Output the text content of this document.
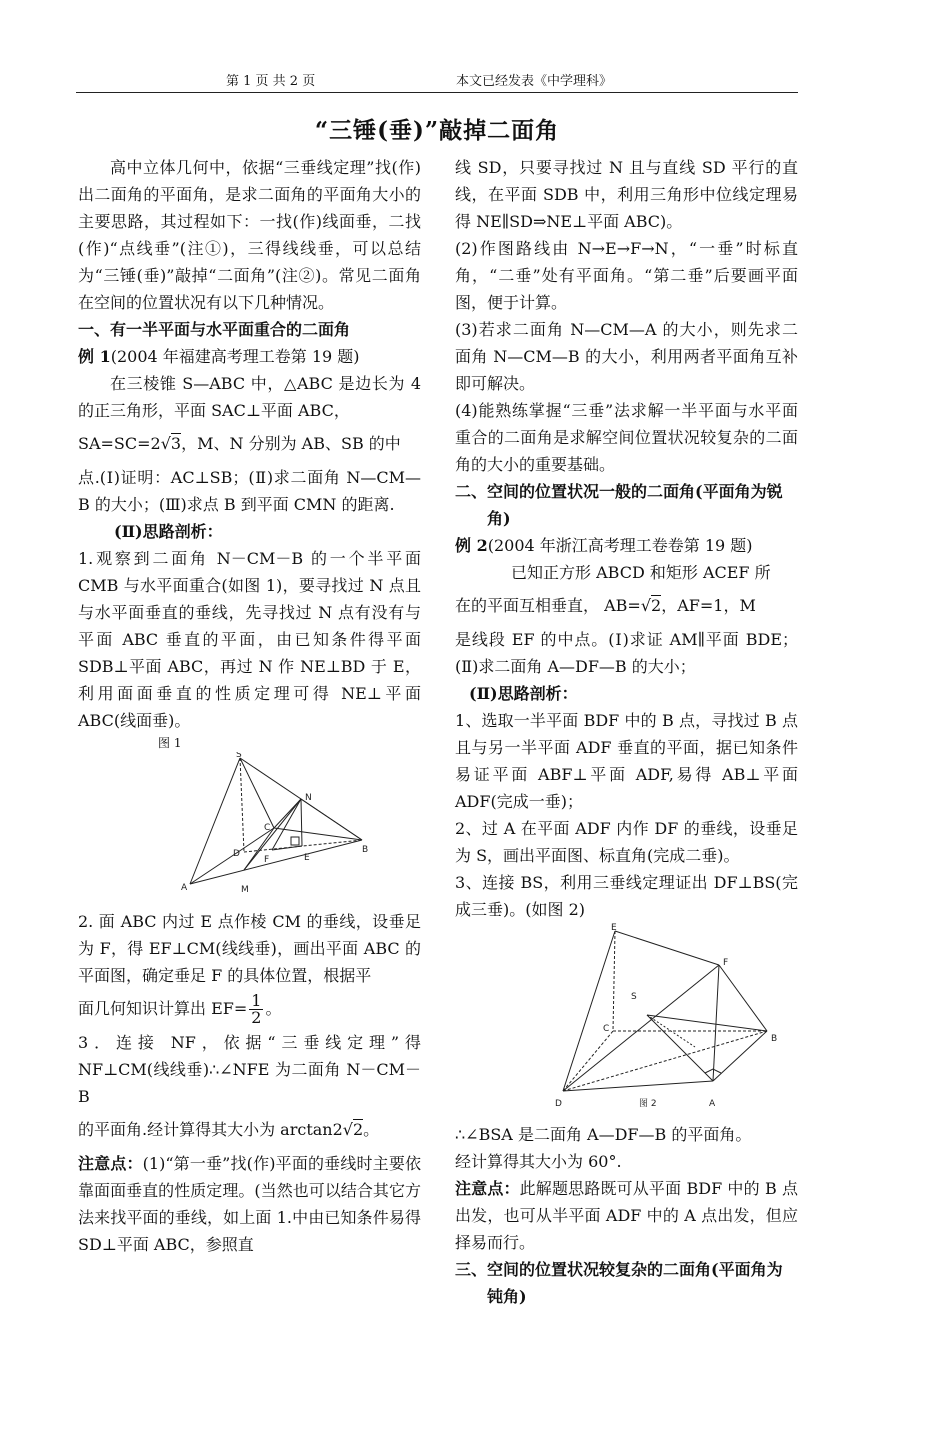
第 1 页 共 2 页	本文已经发表《中学理科》
“三锤(垂)”敲掉二面角

高中立体几何中，依据“三垂线定理”找(作)出二面角的平面角，是求二面角的平面角大小的主要思路，其过程如下：一找(作)线面垂，二找(作)“点线垂”(注①)，三得线线垂，可以总结为“三锤(垂)”敲掉“二面角”(注②)。常见二面角在空间的位置状况有以下几种情况。

一、有一半平面与水平面重合的二面角

例 1(2004 年福建高考理工卷第 19 题)

在三棱锥 S—ABC 中，△ABC 是边长为 4 的正三角形，平面 SAC⊥平面 ABC，

SA=SC=2√3，M、N 分别为 AB、SB 的中

点.(Ⅰ)证明：AC⊥SB；(Ⅱ)求二面角 N—CM—B 的大小；(Ⅲ)求点 B 到平面 CMN 的距离.

(Ⅱ)思路剖析：

1.观察到二面角 N－CM－B 的一个半平面 CMB 与水平面重合(如图 1)，要寻找过 N 点且与水平面垂直的垂线，先寻找过 N 点有没有与平面 ABC 垂直的平面，由已知条件得平面 SDB⊥平面 ABC，再过 N 作 NE⊥BD 于 E，利用面面垂直的性质定理可得 NE⊥平面 ABC(线面垂)。

图 1
S
N
C
D
F	E
B
A	M

2. 面 ABC 内过 E 点作棱 CM 的垂线，设垂足为 F，得 EF⊥CM(线线垂)，画出平面 ABC 的平面图，确定垂足 F 的具体位置，根据平

面几何知识计算出 $EF= \frac{1}{2}$ 。

3．连接 NF，依据“三垂线定理”得 NF⊥CM(线线垂)∴∠NFE 为二面角 N－CM－B

的平面角.经计算得其大小为 arctan2√2。

注意点：(1)“第一垂”找(作)平面的垂线时主要依靠面面垂直的性质定理。(当然也可以结合其它方法来找平面的垂线，如上面 1.中由已知条件易得 SD⊥平面 ABC，参照直

线 SD，只要寻找过 N 且与直线 SD 平行的直线，在平面 SDB 中，利用三角形中位线定理易得 NE∥SD⇒NE⊥平面 ABC)。

(2)作图路线由 N→E→F→N，“一垂”时标直角，“二垂”处有平面角。“第二垂”后要画平面图，便于计算。

(3)若求二面角 N—CM—A 的大小，则先求二面角 N—CM—B 的大小，利用两者平面角互补即可解决。

(4)能熟练掌握“三垂”法求解一半平面与水平面重合的二面角是求解空间位置状况较复杂的二面角的大小的重要基础。

二、空间的位置状况一般的二面角(平面角为锐角)

例 2(2004 年浙江高考理工卷卷第 19 题)

已知正方形 ABCD 和矩形 ACEF 所

在的平面互相垂直， AB=√2，AF=1，M

是线段 EF 的中点。(Ⅰ)求证 AM∥平面 BDE；(Ⅱ)求二面角 A—DF—B 的大小；

(Ⅱ)思路剖析：

1、选取一半平面 BDF 中的 B 点，寻找过 B 点且与另一半平面 ADF 垂直的平面，据已知条件易证平面 ABF⊥平面 ADF,易得 AB⊥平面 ADF(完成一垂)；

2、过 A 在平面 ADF 内作 DF 的垂线，设垂足为 S，画出平面图、标直角(完成二垂)。

3、连接 BS，利用三垂线定理证出 DF⊥BS(完成三垂)。(如图 2)

E
F
S
C
B
D	A
图 2

∴∠BSA 是二面角 A—DF—B 的平面角。

经计算得其大小为 60°.

注意点：此解题思路既可从平面 BDF 中的 B 点出发，也可从半平面 ADF 中的 A 点出发，但应择易而行。

三、空间的位置状况较复杂的二面角(平面角为钝角)
